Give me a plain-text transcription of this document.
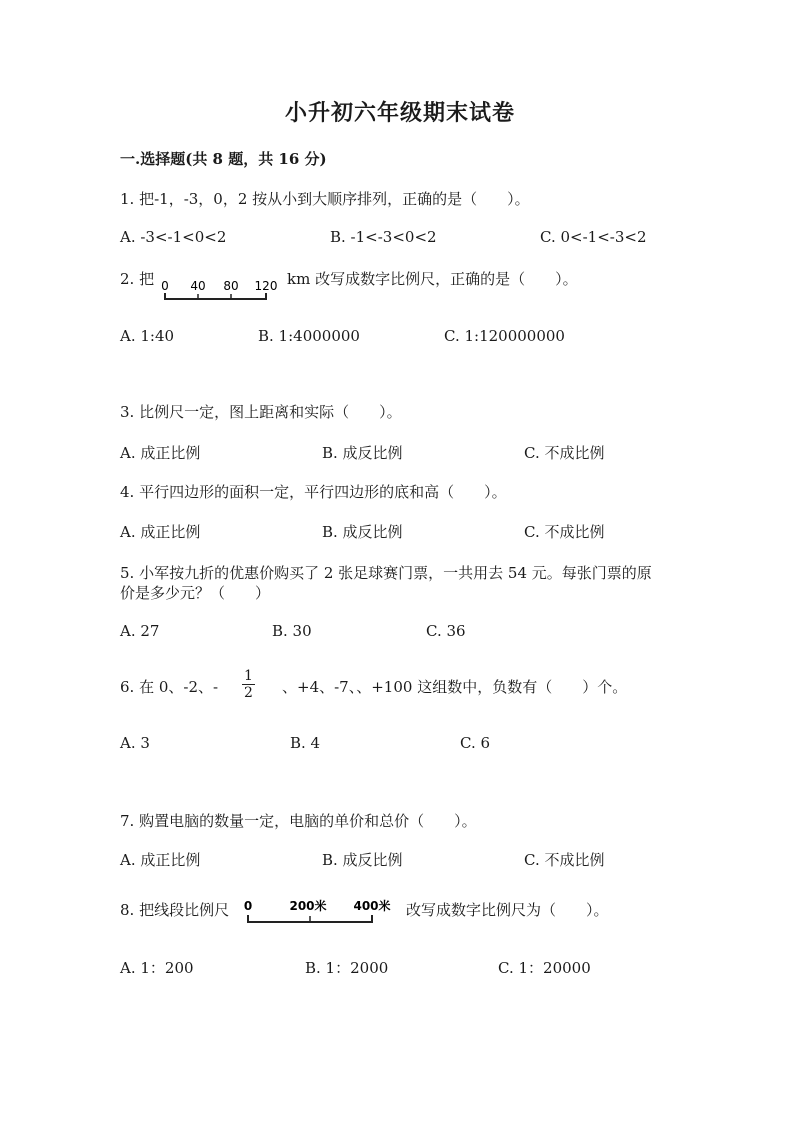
小升初六年级期末试卷
一.选择题(共 8 题，共 16 分)
1. 把-1，-3，0，2 按从小到大顺序排列，正确的是（　　）。
A. -3<-1<0<2	B. -1<-3<0<2	C. 0<-1<-3<2
2. 把 0 40 80 120 km 改写成数字比例尺，正确的是（　　）。
A. 1:40	B. 1:4000000	C. 1:120000000
3. 比例尺一定，图上距离和实际（　　）。
A. 成正比例	B. 成反比例	C. 不成比例
4. 平行四边形的面积一定，平行四边形的底和高（　　）。
A. 成正比例	B. 成反比例	C. 不成比例
5. 小军按九折的优惠价购买了 2 张足球赛门票，一共用去 54 元。每张门票的原
价是多少元？（　　）
A. 27	B. 30	C. 36
6. 在 0、-2、- $\frac{1}{2}$ 、+4、-7、、+100 这组数中，负数有（　　）个。
A. 3	B. 4	C. 6
7. 购置电脑的数量一定，电脑的单价和总价（　　）。
A. 成正比例	B. 成反比例	C. 不成比例
8. 把线段比例尺 0	200米 400米 改写成数字比例尺为（　　）。
A. 1：200	B. 1：2000	C. 1：20000
